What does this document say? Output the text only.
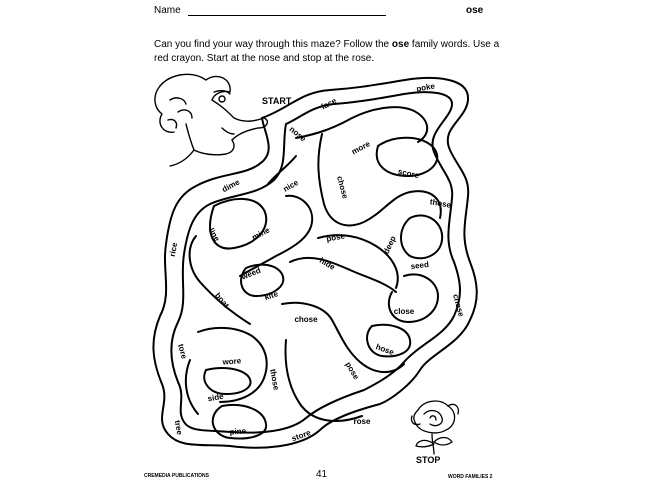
Name	ose
Can you find your way through this maze? Follow the ose family words. Use a red crayon. Start at the nose and stop at the rose.
nose
face
poke
more
score
nice
dime	chose
those
line	mine
rice
pose	deep
hide	seed
weed
kite
boat
chose
close	chose
hose
tore
wore
those	pose
side
rose
tree	pine	store
START
STOP
CREMEDIA PUBLICATIONS	41	WORD FAMILIES 2
